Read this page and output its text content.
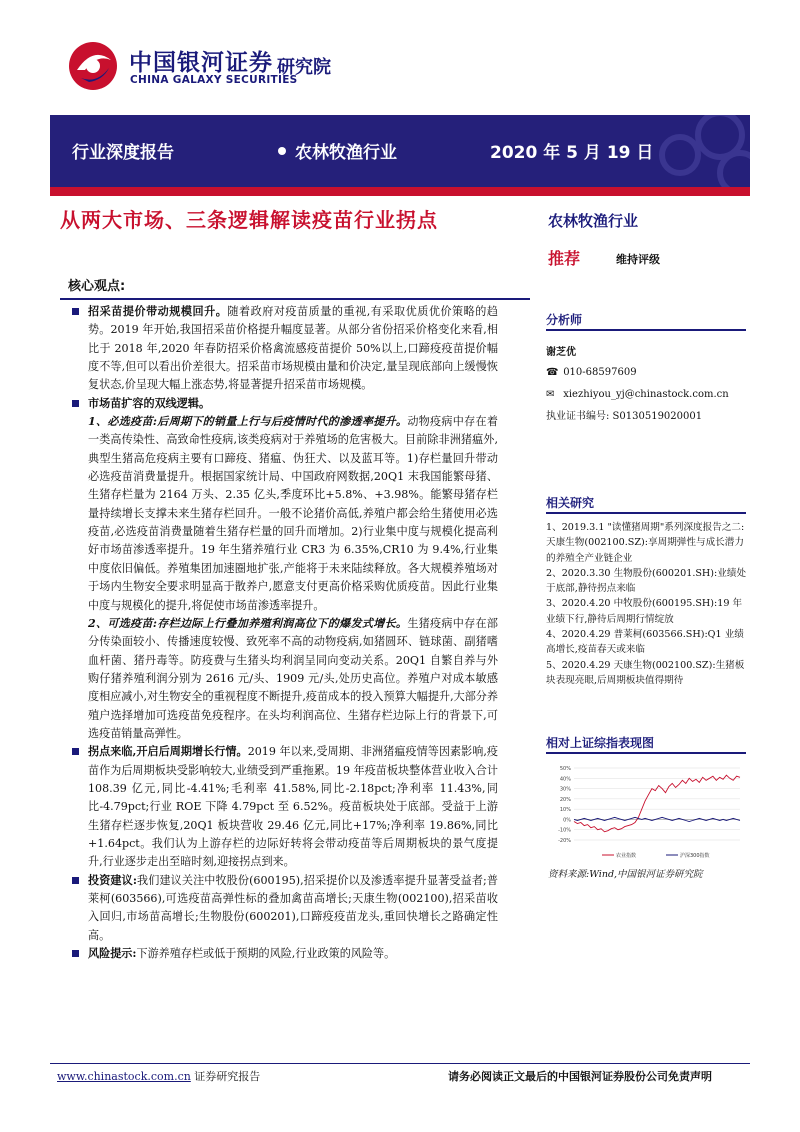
中国银河证券
CHINA GALAXY SECURITIES
研究院
行业深度报告	农林牧渔行业	2020 年 5 月 19 日
从两大市场、三条逻辑解读疫苗行业拐点	农林牧渔行业
推荐	维持评级
核心观点:

招采苗提价带动规模回升。随着政府对疫苗质量的重视,有采取优质优价策略的趋势。2019 年开始,我国招采苗价格提升幅度显著。从部分省份招采价格变化来看,相比于 2018 年,2020 年春防招采价格禽流感疫苗提价 50%以上,口蹄疫疫苗提价幅度不等,但可以看出价差很大。招采苗市场规模由量和价决定,量呈现底部向上缓慢恢复状态,价呈现大幅上涨态势,将显著提升招采苗市场规模。

市场苗扩容的双线逻辑。

1、必选疫苗:后周期下的销量上行与后疫情时代的渗透率提升。动物疫病中存在着一类高传染性、高致命性疫病,该类疫病对于养殖场的危害极大。目前除非洲猪瘟外,典型生猪高危疫病主要有口蹄疫、猪瘟、伪狂犬、以及蓝耳等。1)存栏量回升带动必选疫苗消费量提升。根据国家统计局、中国政府网数据,20Q1 末我国能繁母猪、生猪存栏量为 2164 万头、2.35 亿头,季度环比+5.8%、+3.98%。能繁母猪存栏量持续增长支撑未来生猪存栏回升。一般不论猪价高低,养殖户都会给生猪使用必选疫苗,必选疫苗消费量随着生猪存栏量的回升而增加。2)行业集中度与规模化提高利好市场苗渗透率提升。19 年生猪养殖行业 CR3 为 6.35%,CR10 为 9.4%,行业集中度依旧偏低。养殖集团加速圈地扩张,产能将于未来陆续释放。各大规模养殖场对于场内生物安全要求明显高于散养户,愿意支付更高价格采购优质疫苗。因此行业集中度与规模化的提升,将促使市场苗渗透率提升。

2、可选疫苗:存栏边际上行叠加养殖利润高位下的爆发式增长。生猪疫病中存在部分传染面较小、传播速度较慢、致死率不高的动物疫病,如猪圆环、链球菌、副猪嗜血杆菌、猪丹毒等。防疫费与生猪头均利润呈同向变动关系。20Q1 自繁自养与外购仔猪养殖利润分别为 2616 元/头、1909 元/头,处历史高位。养殖户对成本敏感度相应减小,对生物安全的重视程度不断提升,疫苗成本的投入预算大幅提升,大部分养殖户选择增加可选疫苗免疫程序。在头均利润高位、生猪存栏边际上行的背景下,可选疫苗销量高弹性。

拐点来临,开启后周期增长行情。2019 年以来,受周期、非洲猪瘟疫情等因素影响,疫苗作为后周期板块受影响较大,业绩受到严重拖累。19 年疫苗板块整体营业收入合计 108.39 亿元,同比-4.41%;毛利率 41.58%,同比-2.18pct;净利率 11.43%,同比-4.79pct;行业 ROE 下降 4.79pct 至 6.52%。疫苗板块处于底部。受益于上游生猪存栏逐步恢复,20Q1 板块营收 29.46 亿元,同比+17%;净利率 19.86%,同比+1.64pct。我们认为上游存栏的边际好转将会带动疫苗等后周期板块的景气度提升,行业逐步走出至暗时刻,迎接拐点到来。

投资建议:我们建议关注中牧股份(600195),招采提价以及渗透率提升显著受益者;普莱柯(603566),可选疫苗高弹性标的叠加禽苗高增长;天康生物(002100),招采苗收入回归,市场苗高增长;生物股份(600201),口蹄疫疫苗龙头,重回快增长之路确定性高。

风险提示:下游养殖存栏或低于预期的风险,行业政策的风险等。

分析师
谢芝优
☎ 010-68597609
✉ xiezhiyou_yj@chinastock.com.cn
执业证书编号: S0130519020001
相关研究
1、2019.3.1 "读懂猪周期"系列深度报告之二:天康生物(002100.SZ):享周期弹性与成长潜力的养殖全产业链企业
2、2020.3.30 生物股份(600201.SH):业绩处于底部,静待拐点来临
3、2020.4.20 中牧股份(600195.SH):19 年业绩下行,静待后周期行情绽放
4、2020.4.29 普莱柯(603566.SH):Q1 业绩高增长,疫苗春天或来临
5、2020.4.29 天康生物(002100.SZ):生猪板块表现亮眼,后周期板块值得期待
相对上证综指表现图
50%
40%
30%
20%
10%
0%
-10%
-20%
农业指数	沪深300指数
资料来源:Wind,中国银河证券研究院
www.chinastock.com.cn 证券研究报告	请务必阅读正文最后的中国银河证券股份公司免责声明
